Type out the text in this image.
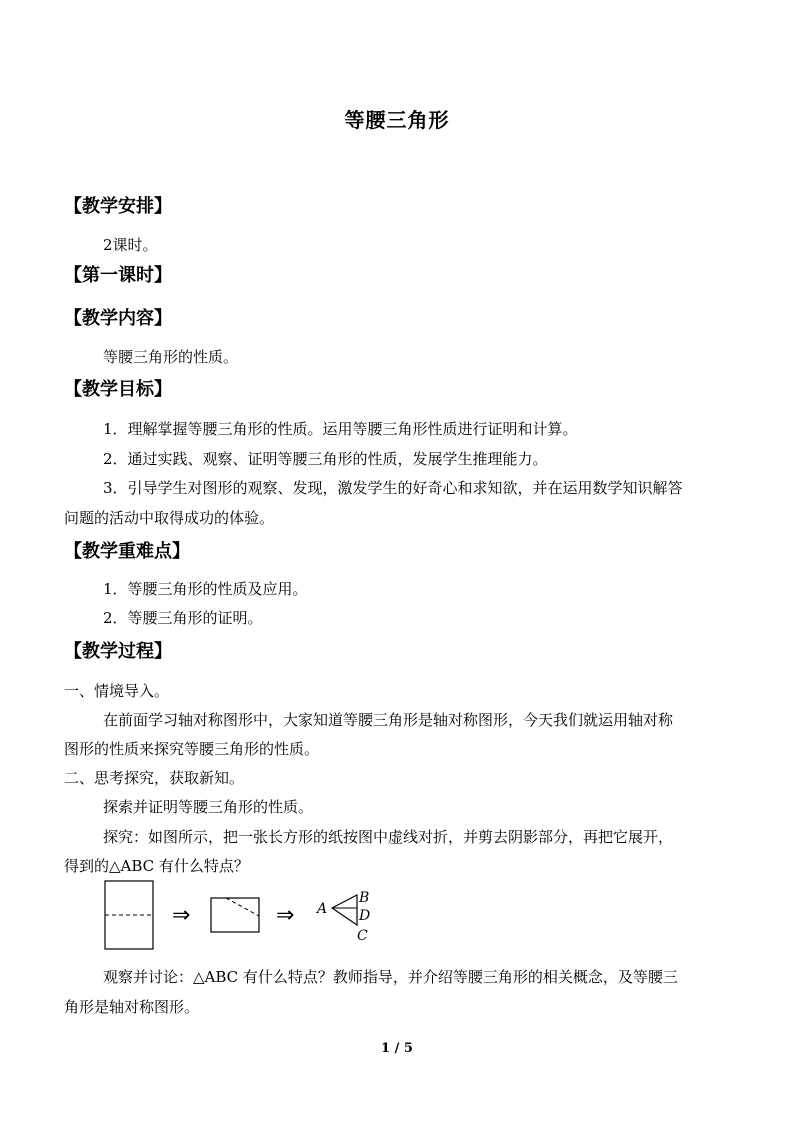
等腰三角形
【教学安排】
2课时。
【第一课时】
【教学内容】
等腰三角形的性质。
【教学目标】
1．理解掌握等腰三角形的性质。运用等腰三角形性质进行证明和计算。
2．通过实践、观察、证明等腰三角形的性质，发展学生推理能力。
3．引导学生对图形的观察、发现，激发学生的好奇心和求知欲，并在运用数学知识解答
问题的活动中取得成功的体验。
【教学重难点】
1．等腰三角形的性质及应用。
2．等腰三角形的证明。
【教学过程】
一、情境导入。
在前面学习轴对称图形中，大家知道等腰三角形是轴对称图形，今天我们就运用轴对称
图形的性质来探究等腰三角形的性质。
二、思考探究，获取新知。
探索并证明等腰三角形的性质。
探究：如图所示，把一张长方形的纸按图中虚线对折，并剪去阴影部分，再把它展开，
得到的△ABC 有什么特点？
⇒	⇒ A
B
D
C
观察并讨论：△ABC 有什么特点？教师指导，并介绍等腰三角形的相关概念，及等腰三
角形是轴对称图形。
1 / 5
